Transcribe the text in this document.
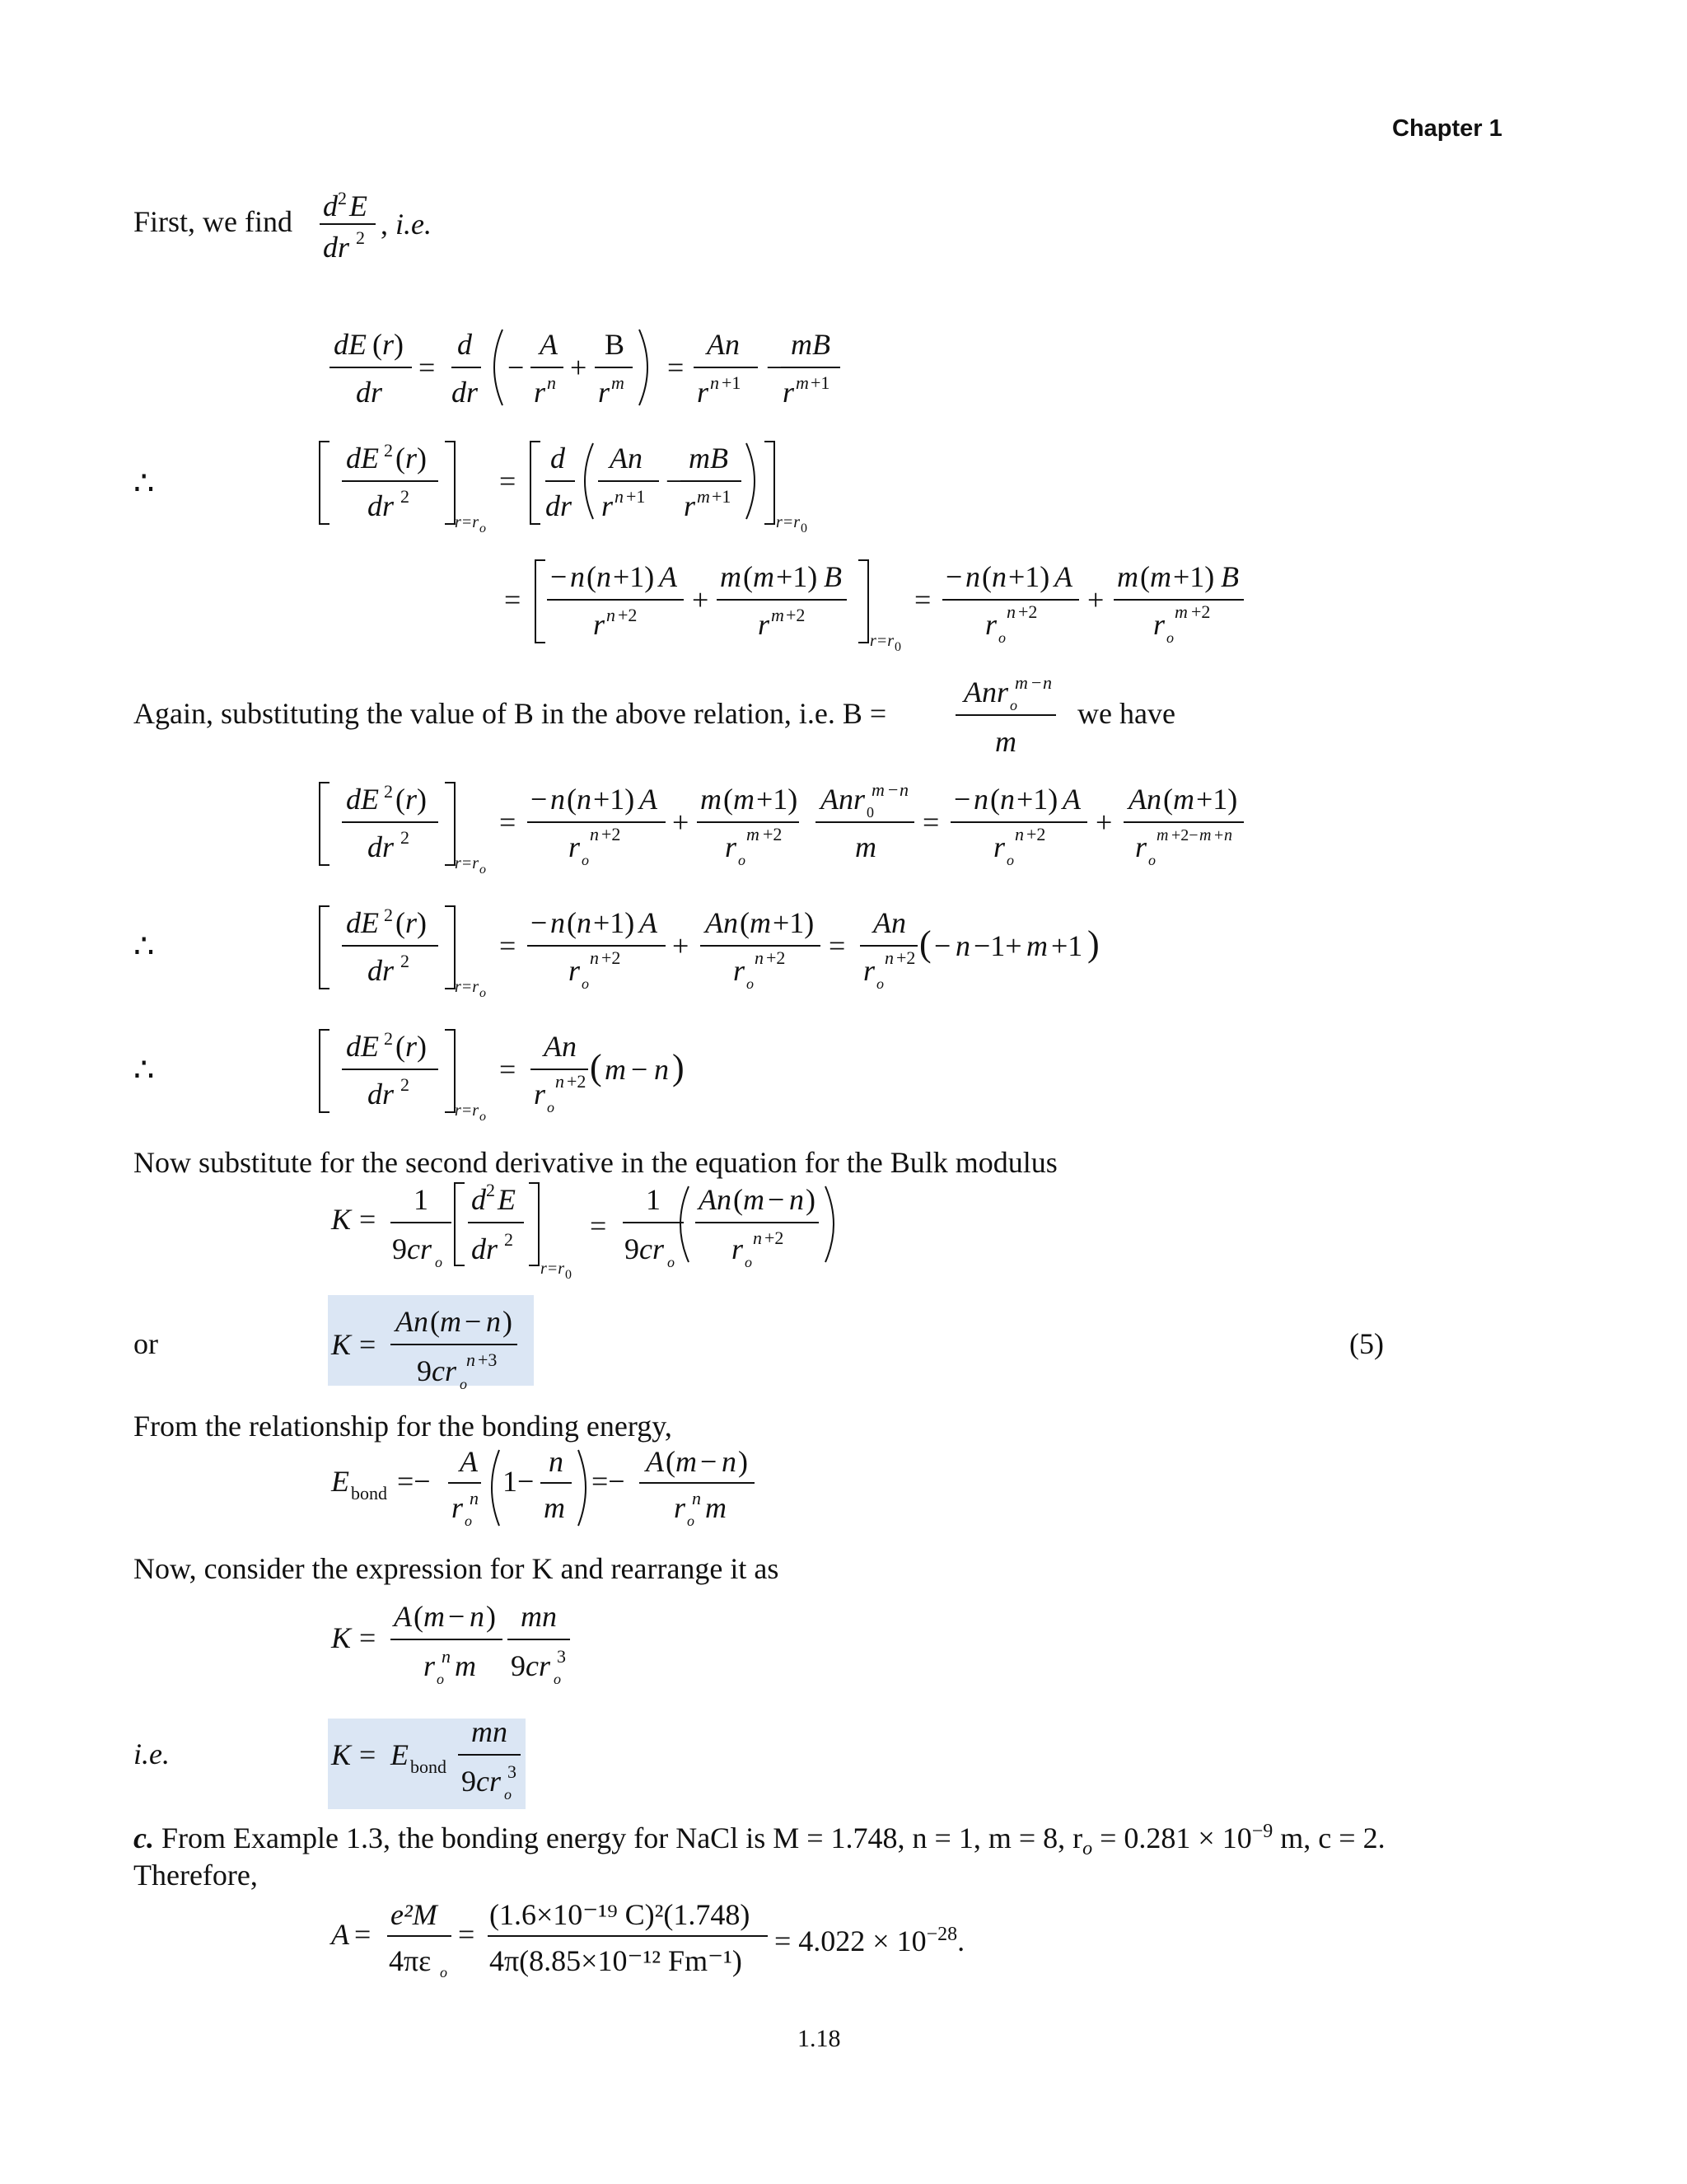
Chapter 1
First, we find
Again, substituting the value of B in the above relation, i.e. B =	we have
Now substitute for the second derivative in the equation for the Bulk modulus
or	(5)
From the relationship for the bonding energy,
Now, consider the expression for K and rearrange it as
i.e.
c. From Example 1.3, the bonding energy for NaCl is M = 1.748, n = 1, m = 8, $r_o = 0.281 \times 10^{-9}$ m, c = 2.
Therefore,
= $4.022 \times 10^{-28}$.
1.18
d 2 E
dr 2 , i.e.
dE ( r )
dr
=
d
dr
−
A
r n +
B
r m =
An
r n +1 −
mB
r m +1
∴
dE 2 ( r )
dr 2
r=r o
=
d
dr
An
r n +1 −
mB
r m +1
r=r 0
=
− n ( n +1) A
r n +2 +
m ( m +1) B
r m +2
r=r 0
=
− n ( n +1) A
r o
n +2 +
m ( m +1) B
r o
m +2
Anr o
m − n
m
dE 2 ( r )
dr 2
r=r o
=
− n ( n +1) A
r o
n +2 +
m ( m +1)
r o
m +2
Anr 0
m − n
m
=
− n ( n +1) A
r o
n +2 +
An ( m +1)
r o
m +2− m + n
∴
dE 2 ( r )
dr 2
r=r o
=
− n ( n +1) A
r o
n +2 +
An ( m +1)
r o
n +2 =
An
r o
n +2 ( − n −1+ m +1 )
∴
dE 2 ( r )
dr 2
r=r o
=
An
r o
n +2 ( m − n )
K =
1
9 cr o
d 2 E
dr 2
r=r 0
=
1
9 cr o
An ( m − n )
r o
n +2
K =
An ( m − n )
9 cr o
n +3
E bond =−
A
r o
n
1−
n
m
=−
A ( m − n )
r o
n m
K =
A ( m − n )
r o
n m
mn
9 cr o
3
K = E bond
mn
9 cr o
3
A =
e²M
4πε o
=
(1.6×10⁻¹⁹ C)²(1.748)
4π(8.85×10⁻¹² Fm⁻¹)
